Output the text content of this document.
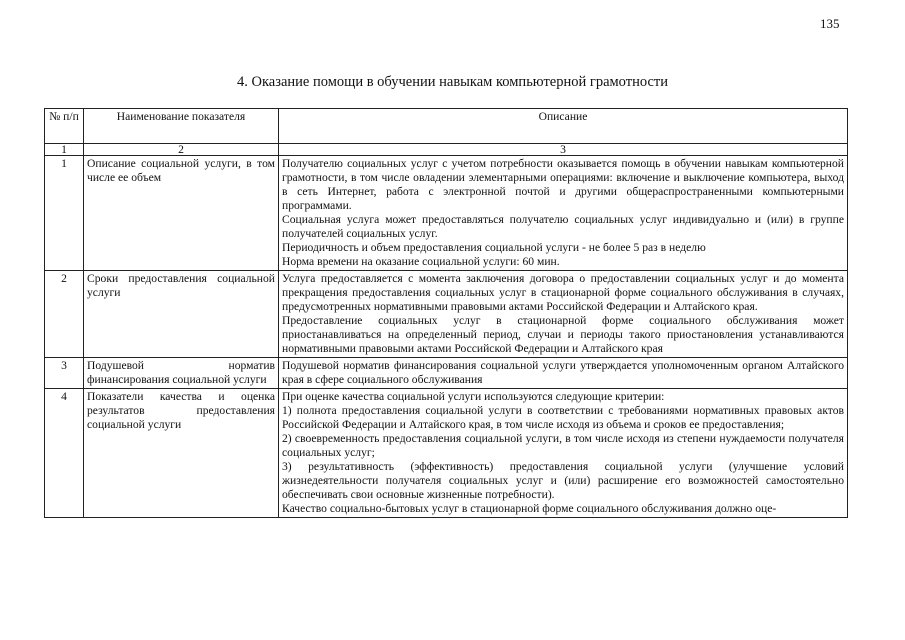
135
4. Оказание помощи в обучении навыкам компьютерной грамотности
№ п/п	Наименование показателя	Описание
1	2	3
1	Описание социальной услуги, в том числе ее объем	Получателю социальных услуг с учетом потребности оказывается помощь в обучении навыкам компьютерной грамотности, в том числе овладении элементарными операциями: включение и выключение компьютера, выход в сеть Интернет, работа с электронной почтой и другими общераспространенными компьютерными программами.

Социальная услуга может предоставляться получателю социальных услуг индивидуально и (или) в группе получателей социальных услуг.

Периодичность и объем предоставления социальной услуги - не более 5 раз в неделю

Норма времени на оказание социальной услуги: 60 мин.

2	Сроки предоставления социальной услуги	Услуга предоставляется с момента заключения договора о предоставлении социальных услуг и до момента прекращения предоставления социальных услуг в стационарной форме социального обслуживания в случаях, предусмотренных нормативными правовыми актами Российской Федерации и Алтайского края.

Предоставление социальных услуг в стационарной форме социального обслуживания может приостанавливаться на определенный период, случаи и периоды такого приостановления устанавливаются нормативными правовыми актами Российской Федерации и Алтайского края

3	Подушевой норматив финансирования социальной услуги	Подушевой норматив финансирования социальной услуги утверждается уполномоченным органом Алтайского края в сфере социального обслуживания

4	Показатели качества и оценка результатов предоставления социальной услуги	При оценке качества социальной услуги используются следующие критерии:

1) полнота предоставления социальной услуги в соответствии с требованиями нормативных правовых актов Российской Федерации и Алтайского края, в том числе исходя из объема и сроков ее предоставления;

2) своевременность предоставления социальной услуги, в том числе исходя из степени нуждаемости получателя социальных услуг;

3) результативность (эффективность) предоставления социальной услуги (улучшение условий жизнедеятельности получателя социальных услуг и (или) расширение его возможностей самостоятельно обеспечивать свои основные жизненные потребности).

Качество социально-бытовых услуг в стационарной форме социального обслуживания должно оце-
